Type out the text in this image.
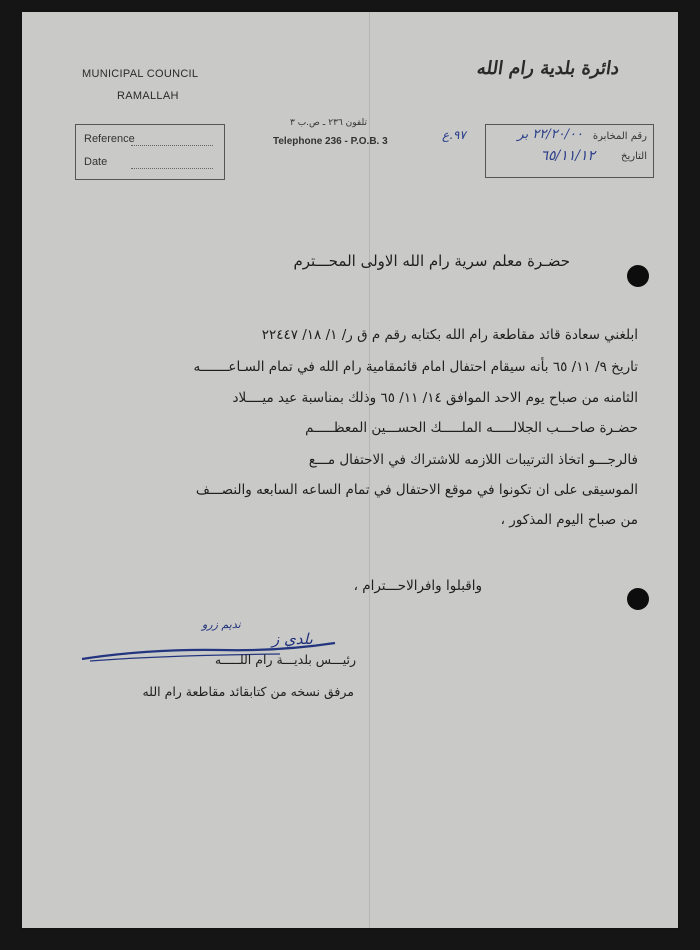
MUNICIPAL COUNCIL
RAMALLAH
Reference
Date
تلفون ٢٣٦ ـ ص.ب ٣
Telephone 236 - P.O.B. 3
دائرة بلدية رام الله
٩٧.ع	رقم المخابرة
٢٢/٢٠/٠٠ بر
التاريخ
٦٥/١١/١٢
حضـرة معلم سرية رام الله الاولى المحـــترم
ابلغني سعادة قائد مقاطعة رام الله بكتابه رقم م ق ر/ ١/ ١٨/ ٢٢٤٤٧
تاريخ ٩/ ١١/ ٦٥ بأنه سيقام احتفال امام قائمقامية رام الله في تمام السـاعـــــــه
الثامنه من صباح يوم الاحد الموافق ١٤/ ١١/ ٦٥ وذلك بمناسبة عيد ميــــلاد
حضـرة صاحـــب الجلالـــــه الملـــــك الحســـين المعظـــــم
فالرجـــو اتخاذ الترتيبات اللازمه للاشتراك في الاحتفال مـــع
الموسيقى على ان تكونوا في موقع الاحتفال في تمام الساعه السابعه والنصـــف
من صباح اليوم المذكور ،
واقبلوا وافرالاحـــترام ،
بلدي ز
نديم زرو
رئيـــس بلديـــة رام اللـــــه
مرفق نسخه من كتابقائد مقاطعة رام الله
